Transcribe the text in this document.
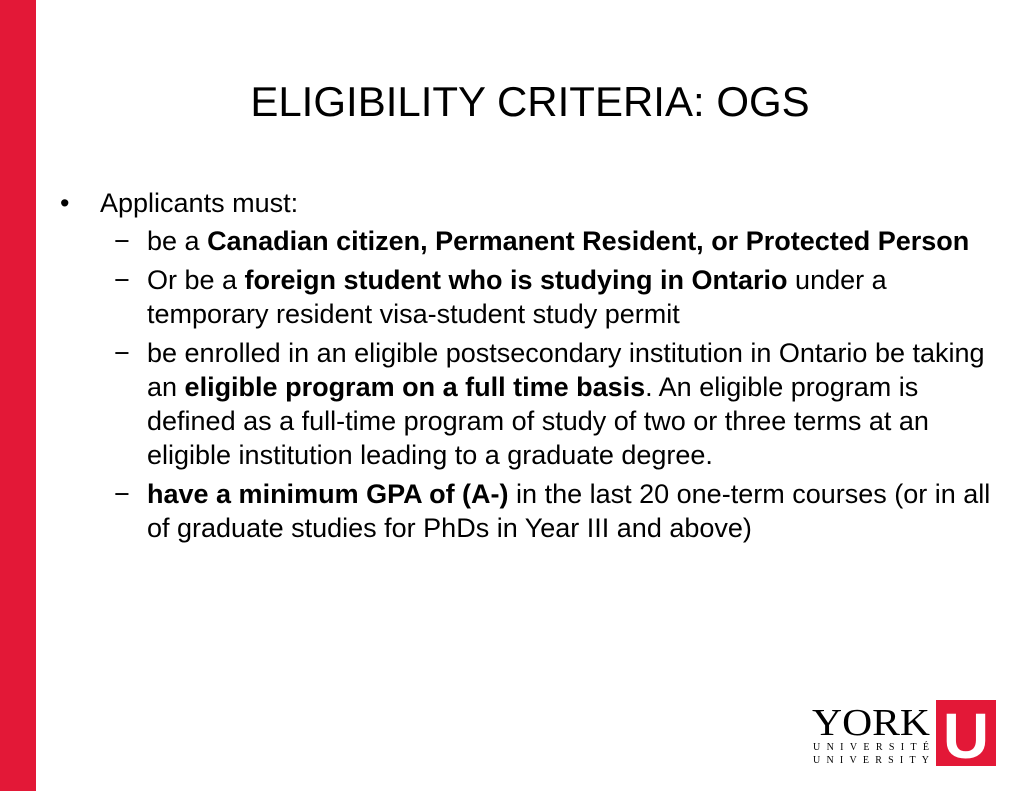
ELIGIBILITY CRITERIA: OGS
•	Applicants must:
− be a Canadian citizen, Permanent Resident, or Protected Person
− Or be a foreign student who is studying in Ontario under a temporary resident visa-student study permit
− be enrolled in an eligible postsecondary institution in Ontario be taking an eligible program on a full time basis. An eligible program is defined as a full-time program of study of two or three terms at an eligible institution leading to a graduate degree.
− have a minimum GPA of (A-) in the last 20 one-term courses (or in all of graduate studies for PhDs in Year III and above)
YORK
UNIVERSITÉ
UNIVERSITY U
